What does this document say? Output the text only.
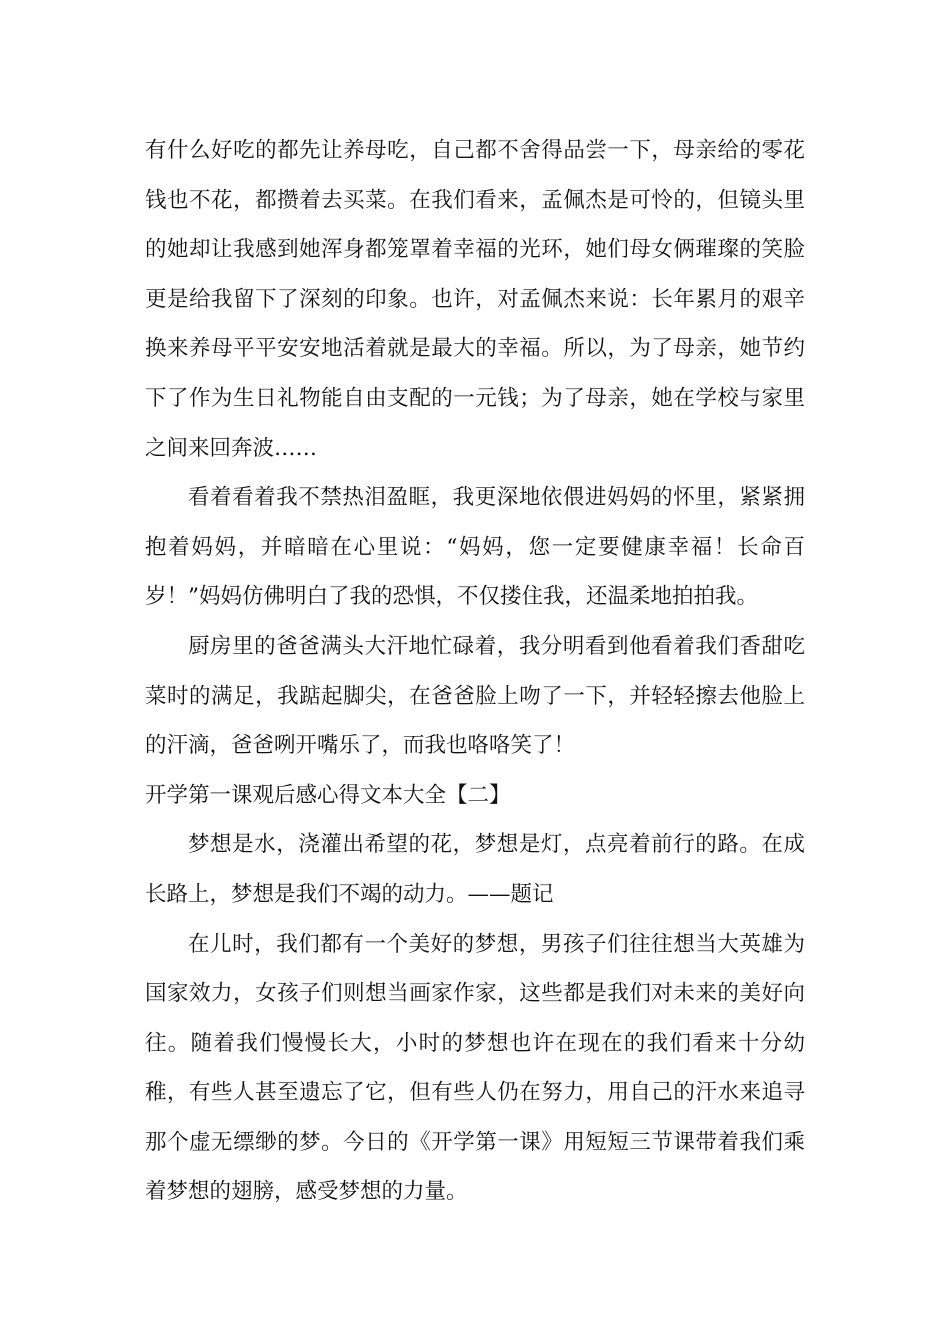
有什么好吃的都先让养母吃，自己都不舍得品尝一下，母亲给的零花钱也不花，都攒着去买菜。在我们看来，孟佩杰是可怜的，但镜头里的她却让我感到她浑身都笼罩着幸福的光环，她们母女俩璀璨的笑脸更是给我留下了深刻的印象。也许，对孟佩杰来说：长年累月的艰辛换来养母平平安安地活着就是最大的幸福。所以，为了母亲，她节约下了作为生日礼物能自由支配的一元钱；为了母亲，她在学校与家里之间来回奔波……

看着看着我不禁热泪盈眶，我更深地依偎进妈妈的怀里，紧紧拥抱着妈妈，并暗暗在心里说：“妈妈，您一定要健康幸福！长命百岁！”妈妈仿佛明白了我的恐惧，不仅搂住我，还温柔地拍拍我。

厨房里的爸爸满头大汗地忙碌着，我分明看到他看着我们香甜吃菜时的满足，我踮起脚尖，在爸爸脸上吻了一下，并轻轻擦去他脸上的汗滴，爸爸咧开嘴乐了，而我也咯咯笑了！

开学第一课观后感心得文本大全【二】

梦想是水，浇灌出希望的花，梦想是灯，点亮着前行的路。在成长路上，梦想是我们不竭的动力。——题记

在儿时，我们都有一个美好的梦想，男孩子们往往想当大英雄为国家效力，女孩子们则想当画家作家，这些都是我们对未来的美好向往。随着我们慢慢长大，小时的梦想也许在现在的我们看来十分幼稚，有些人甚至遗忘了它，但有些人仍在努力，用自己的汗水来追寻那个虚无缥缈的梦。今日的《开学第一课》用短短三节课带着我们乘着梦想的翅膀，感受梦想的力量。
